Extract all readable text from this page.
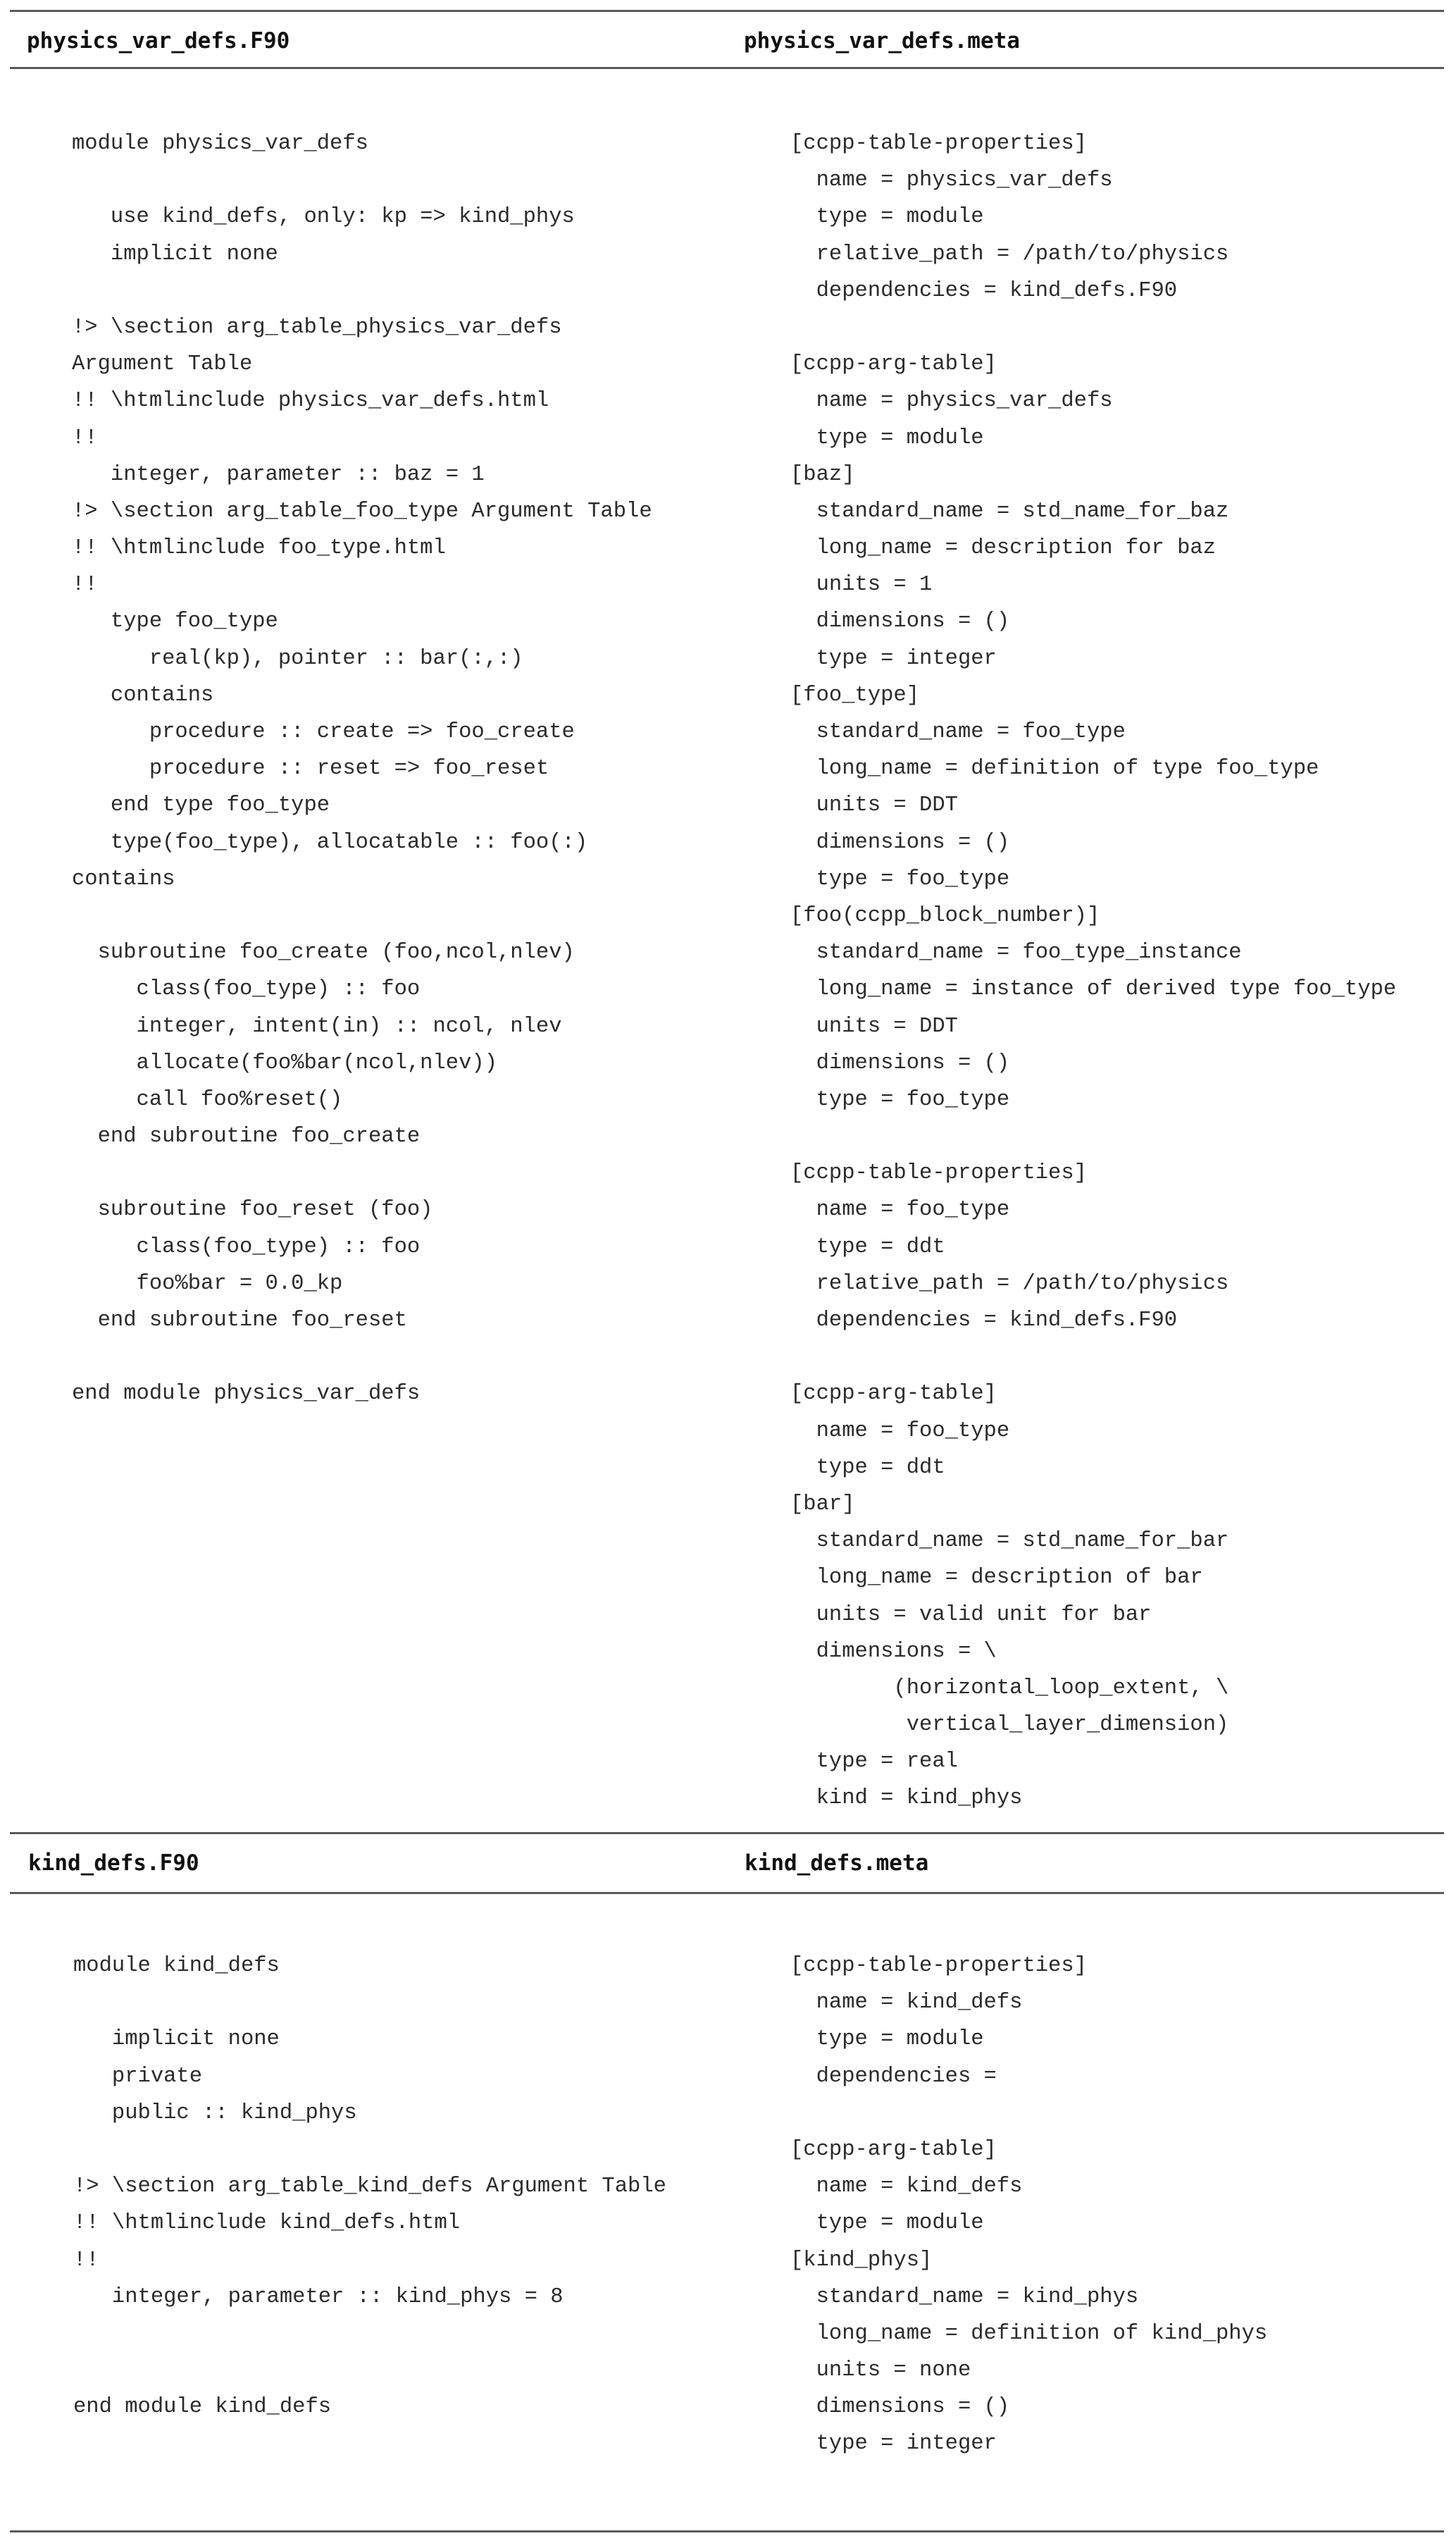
physics_var_defs.F90	physics_var_defs.meta
module physics_var_defs
use kind_defs, only: kp => kind_phys
implicit none
!> \section arg_table_physics_var_defs
Argument Table
!! \htmlinclude physics_var_defs.html
!!
integer, parameter :: baz = 1
!> \section arg_table_foo_type Argument Table
!! \htmlinclude foo_type.html
!!
type foo_type
real(kp), pointer :: bar(:,:)
contains
procedure :: create => foo_create
procedure :: reset => foo_reset
end type foo_type
type(foo_type), allocatable :: foo(:)
contains
subroutine foo_create (foo,ncol,nlev)
class(foo_type) :: foo
integer, intent(in) :: ncol, nlev
allocate(foo%bar(ncol,nlev))
call foo%reset()
end subroutine foo_create
subroutine foo_reset (foo)
class(foo_type) :: foo
foo%bar = 0.0_kp
end subroutine foo_reset
end module physics_var_defs
[ccpp-table-properties]
name = physics_var_defs
type = module
relative_path = /path/to/physics
dependencies = kind_defs.F90
[ccpp-arg-table]
name = physics_var_defs
type = module
[baz]
standard_name = std_name_for_baz
long_name = description for baz
units = 1
dimensions = ()
type = integer
[foo_type]
standard_name = foo_type
long_name = definition of type foo_type
units = DDT
dimensions = ()
type = foo_type
[foo(ccpp_block_number)]
standard_name = foo_type_instance
long_name = instance of derived type foo_type
units = DDT
dimensions = ()
type = foo_type
[ccpp-table-properties]
name = foo_type
type = ddt
relative_path = /path/to/physics
dependencies = kind_defs.F90
[ccpp-arg-table]
name = foo_type
type = ddt
[bar]
standard_name = std_name_for_bar
long_name = description of bar
units = valid unit for bar
dimensions = \
(horizontal_loop_extent, \
vertical_layer_dimension)
type = real
kind = kind_phys
kind_defs.F90	kind_defs.meta
module kind_defs
implicit none
private
public :: kind_phys
!> \section arg_table_kind_defs Argument Table
!! \htmlinclude kind_defs.html
!!
integer, parameter :: kind_phys = 8
end module kind_defs
[ccpp-table-properties]
name = kind_defs
type = module
dependencies =
[ccpp-arg-table]
name = kind_defs
type = module
[kind_phys]
standard_name = kind_phys
long_name = definition of kind_phys
units = none
dimensions = ()
type = integer
